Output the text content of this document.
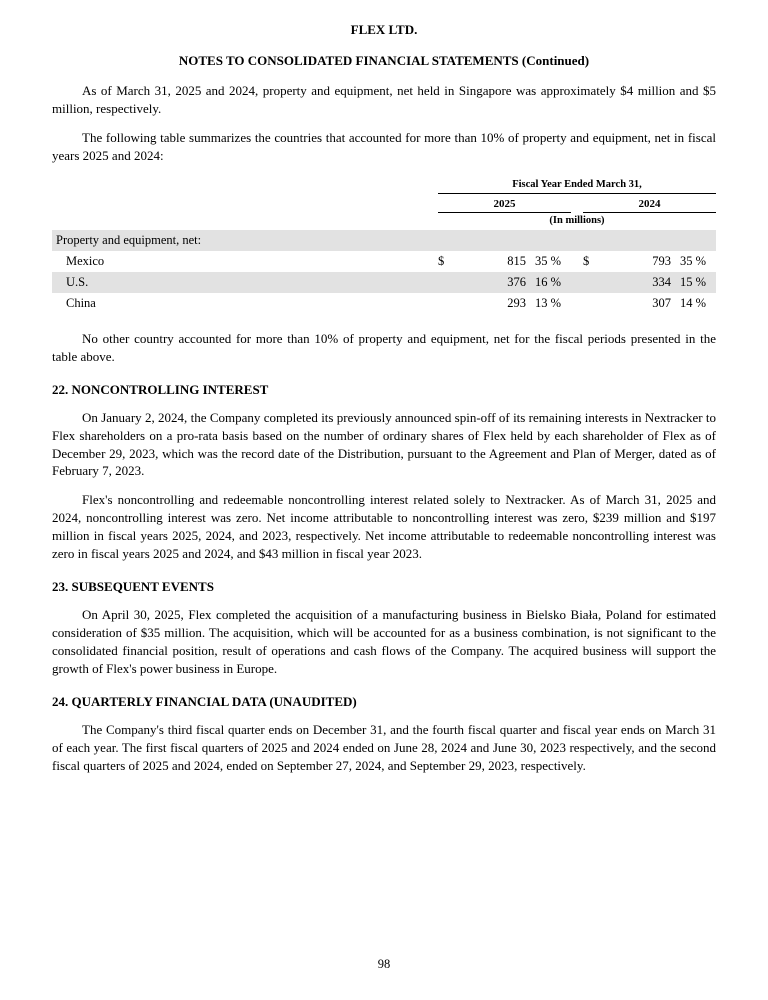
FLEX LTD.
NOTES TO CONSOLIDATED FINANCIAL STATEMENTS (Continued)

As of March 31, 2025 and 2024, property and equipment, net held in Singapore was approximately $4 million and $5 million, respectively.

The following table summarizes the countries that accounted for more than 10% of property and equipment, net in fiscal years 2025 and 2024:

	Fiscal Year Ended March 31,						
	2025				2024		
	(In millions)						
Property and equipment, net:							
Mexico	$	815	35 %		$	793	35 %
U.S.		376	16 %			334	15 %
China		293	13 %			307	14 %

No other country accounted for more than 10% of property and equipment, net for the fiscal periods presented in the table above.

22. NONCONTROLLING INTEREST

On January 2, 2024, the Company completed its previously announced spin-off of its remaining interests in Nextracker to Flex shareholders on a pro-rata basis based on the number of ordinary shares of Flex held by each shareholder of Flex as of December 29, 2023, which was the record date of the Distribution, pursuant to the Agreement and Plan of Merger, dated as of February 7, 2023.

Flex's noncontrolling and redeemable noncontrolling interest related solely to Nextracker. As of March 31, 2025 and 2024, noncontrolling interest was zero. Net income attributable to noncontrolling interest was zero, $239 million and $197 million in fiscal years 2025, 2024, and 2023, respectively. Net income attributable to redeemable noncontrolling interest was zero in fiscal years 2025 and 2024, and $43 million in fiscal year 2023.

23. SUBSEQUENT EVENTS

On April 30, 2025, Flex completed the acquisition of a manufacturing business in Bielsko Biała, Poland for estimated consideration of $35 million. The acquisition, which will be accounted for as a business combination, is not significant to the consolidated financial position, result of operations and cash flows of the Company. The acquired business will support the growth of Flex's power business in Europe.

24. QUARTERLY FINANCIAL DATA (UNAUDITED)

The Company's third fiscal quarter ends on December 31, and the fourth fiscal quarter and fiscal year ends on March 31 of each year. The first fiscal quarters of 2025 and 2024 ended on June 28, 2024 and June 30, 2023 respectively, and the second fiscal quarters of 2025 and 2024, ended on September 27, 2024, and September 29, 2023, respectively.

98
